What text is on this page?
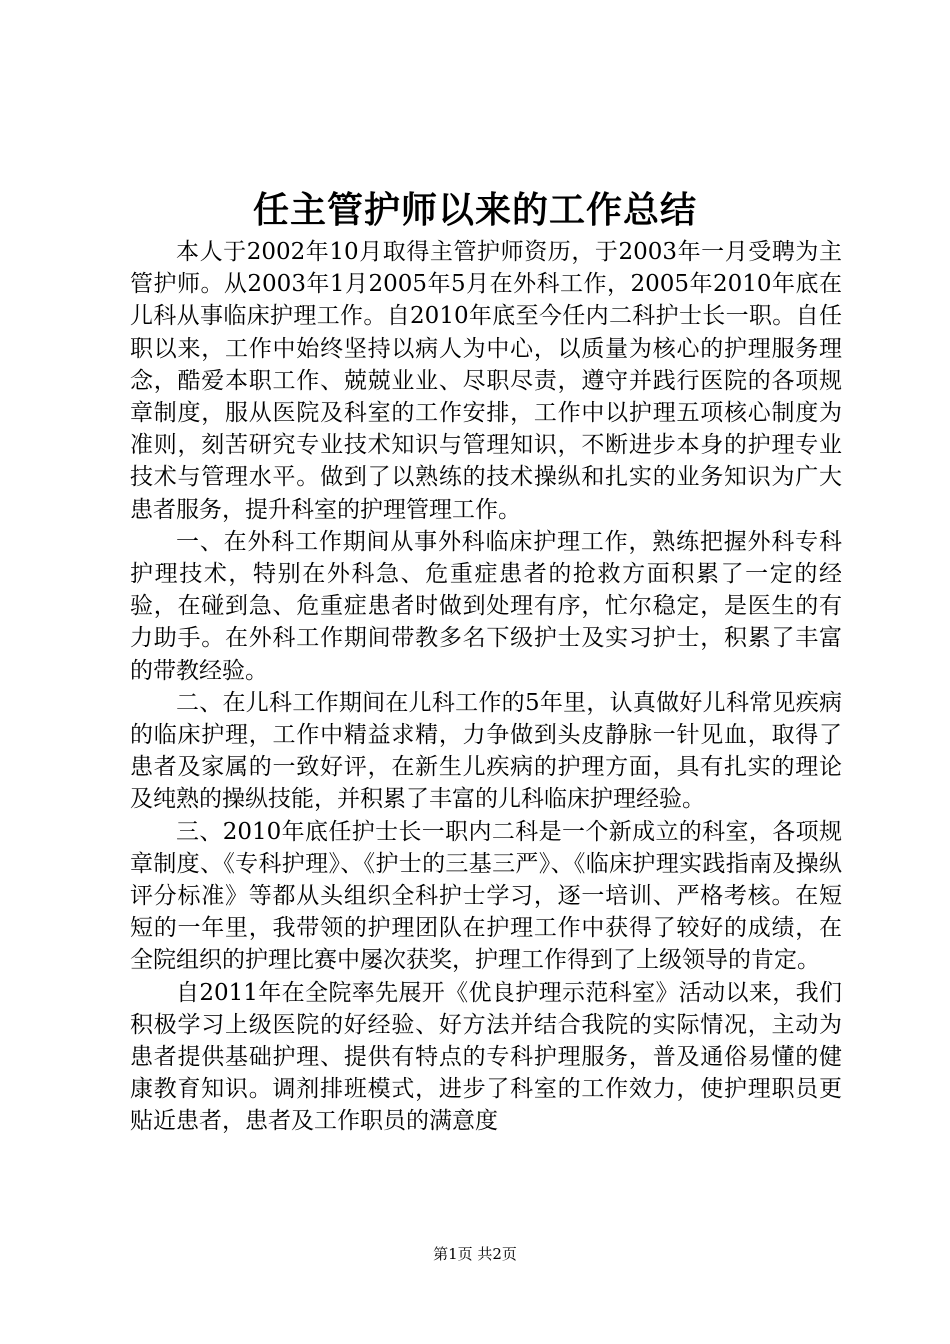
任主管护师以来的工作总结

本人于2002年10月取得主管护师资历，于2003年一月受聘为主管护师。从2003年1月2005年5月在外科工作，2005年2010年底在儿科从事临床护理工作。自2010年底至今任内二科护士长一职。自任职以来，工作中始终坚持以病人为中心，以质量为核心的护理服务理念，酷爱本职工作、兢兢业业、尽职尽责，遵守并践行医院的各项规章制度，服从医院及科室的工作安排，工作中以护理五项核心制度为准则，刻苦研究专业技术知识与管理知识，不断进步本身的护理专业技术与管理水平。做到了以熟练的技术操纵和扎实的业务知识为广大患者服务，提升科室的护理管理工作。

一、在外科工作期间从事外科临床护理工作，熟练把握外科专科护理技术，特别在外科急、危重症患者的抢救方面积累了一定的经验，在碰到急、危重症患者时做到处理有序，忙尔稳定，是医生的有力助手。在外科工作期间带教多名下级护士及实习护士，积累了丰富的带教经验。

二、在儿科工作期间在儿科工作的5年里，认真做好儿科常见疾病的临床护理，工作中精益求精，力争做到头皮静脉一针见血，取得了患者及家属的一致好评，在新生儿疾病的护理方面，具有扎实的理论及纯熟的操纵技能，并积累了丰富的儿科临床护理经验。

三、2010年底任护士长一职内二科是一个新成立的科室，各项规章制度、《专科护理》、《护士的三基三严》、《临床护理实践指南及操纵评分标准》等都从头组织全科护士学习，逐一培训、严格考核。在短短的一年里，我带领的护理团队在护理工作中获得了较好的成绩，在全院组织的护理比赛中屡次获奖，护理工作得到了上级领导的肯定。

自2011年在全院率先展开《优良护理示范科室》活动以来，我们积极学习上级医院的好经验、好方法并结合我院的实际情况，主动为患者提供基础护理、提供有特点的专科护理服务，普及通俗易懂的健康教育知识。调剂排班模式，进步了科室的工作效力，使护理职员更贴近患者，患者及工作职员的满意度

第1页 共2页
